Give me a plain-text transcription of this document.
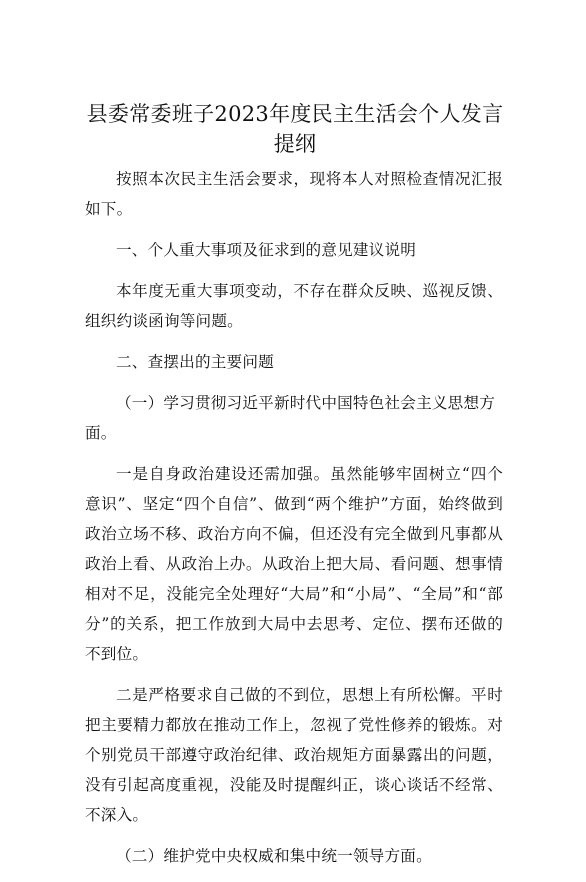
县委常委班子2023年度民主生活会个人发言提纲

按照本次民主生活会要求，现将本人对照检查情况汇报如下。

一、个人重大事项及征求到的意见建议说明

本年度无重大事项变动，不存在群众反映、巡视反馈、组织约谈函询等问题。

二、查摆出的主要问题

（一）学习贯彻习近平新时代中国特色社会主义思想方面。

一是自身政治建设还需加强。虽然能够牢固树立“四个意识”、坚定“四个自信”、做到“两个维护”方面，始终做到政治立场不移、政治方向不偏，但还没有完全做到凡事都从政治上看、从政治上办。从政治上把大局、看问题、想事情相对不足，没能完全处理好“大局”和“小局”、“全局”和“部分”的关系，把工作放到大局中去思考、定位、摆布还做的不到位。

二是严格要求自己做的不到位，思想上有所松懈。平时把主要精力都放在推动工作上，忽视了党性修养的锻炼。对个别党员干部遵守政治纪律、政治规矩方面暴露出的问题，没有引起高度重视，没能及时提醒纠正，谈心谈话不经常、不深入。

（二）维护党中央权威和集中统一领导方面。
